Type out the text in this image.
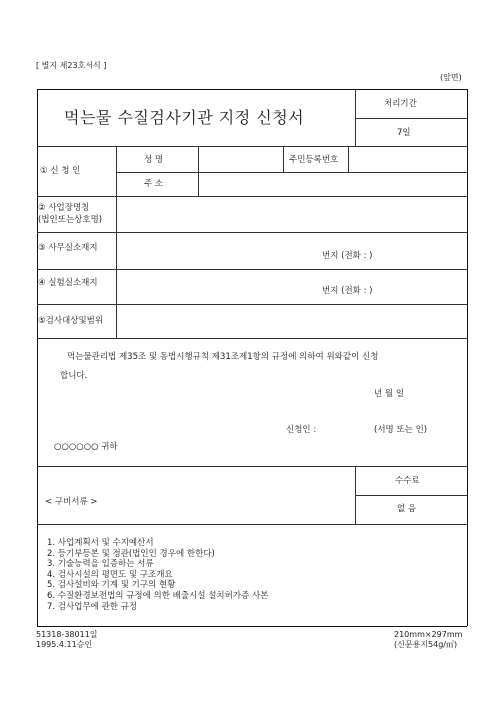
[ 별지 제23호서식 ]
(앞면)
먹는물 수질검사기관 지정 신청서
처리기간
7일
① 신 청 인
성 명	주민등록번호
주 소
② 사업장명칭
(법인또는상호명)
③ 사무실소재지
번지 (전화 : )
④ 실험실소재지
번지 (전화 : )
⑤검사대상및범위
먹는물관리법 제35조 및 동법시행규칙 제31조제1항의 규정에 의하여 위와같이 신청
합니다.
년 월 일
신청인 :	(서명 또는 인)
○○○○○○ 귀하
수수료
없 음
< 구비서류 >
1. 사업계획서 및 수지예산서
2. 등기부등본 및 정관(법인인 경우에 한한다)
3. 기술능력을 입증하는 서류
4. 검사시설의 평면도 및 구조개요
5. 검사설비와 기계 및 기구의 현황
6. 수질환경보전법의 규정에 의한 배출시설 설치허가증 사본
7. 검사업무에 관한 규정
51318-38011일
1995.4.11승인
210mm×297mm
(신문용지54g/㎡)
